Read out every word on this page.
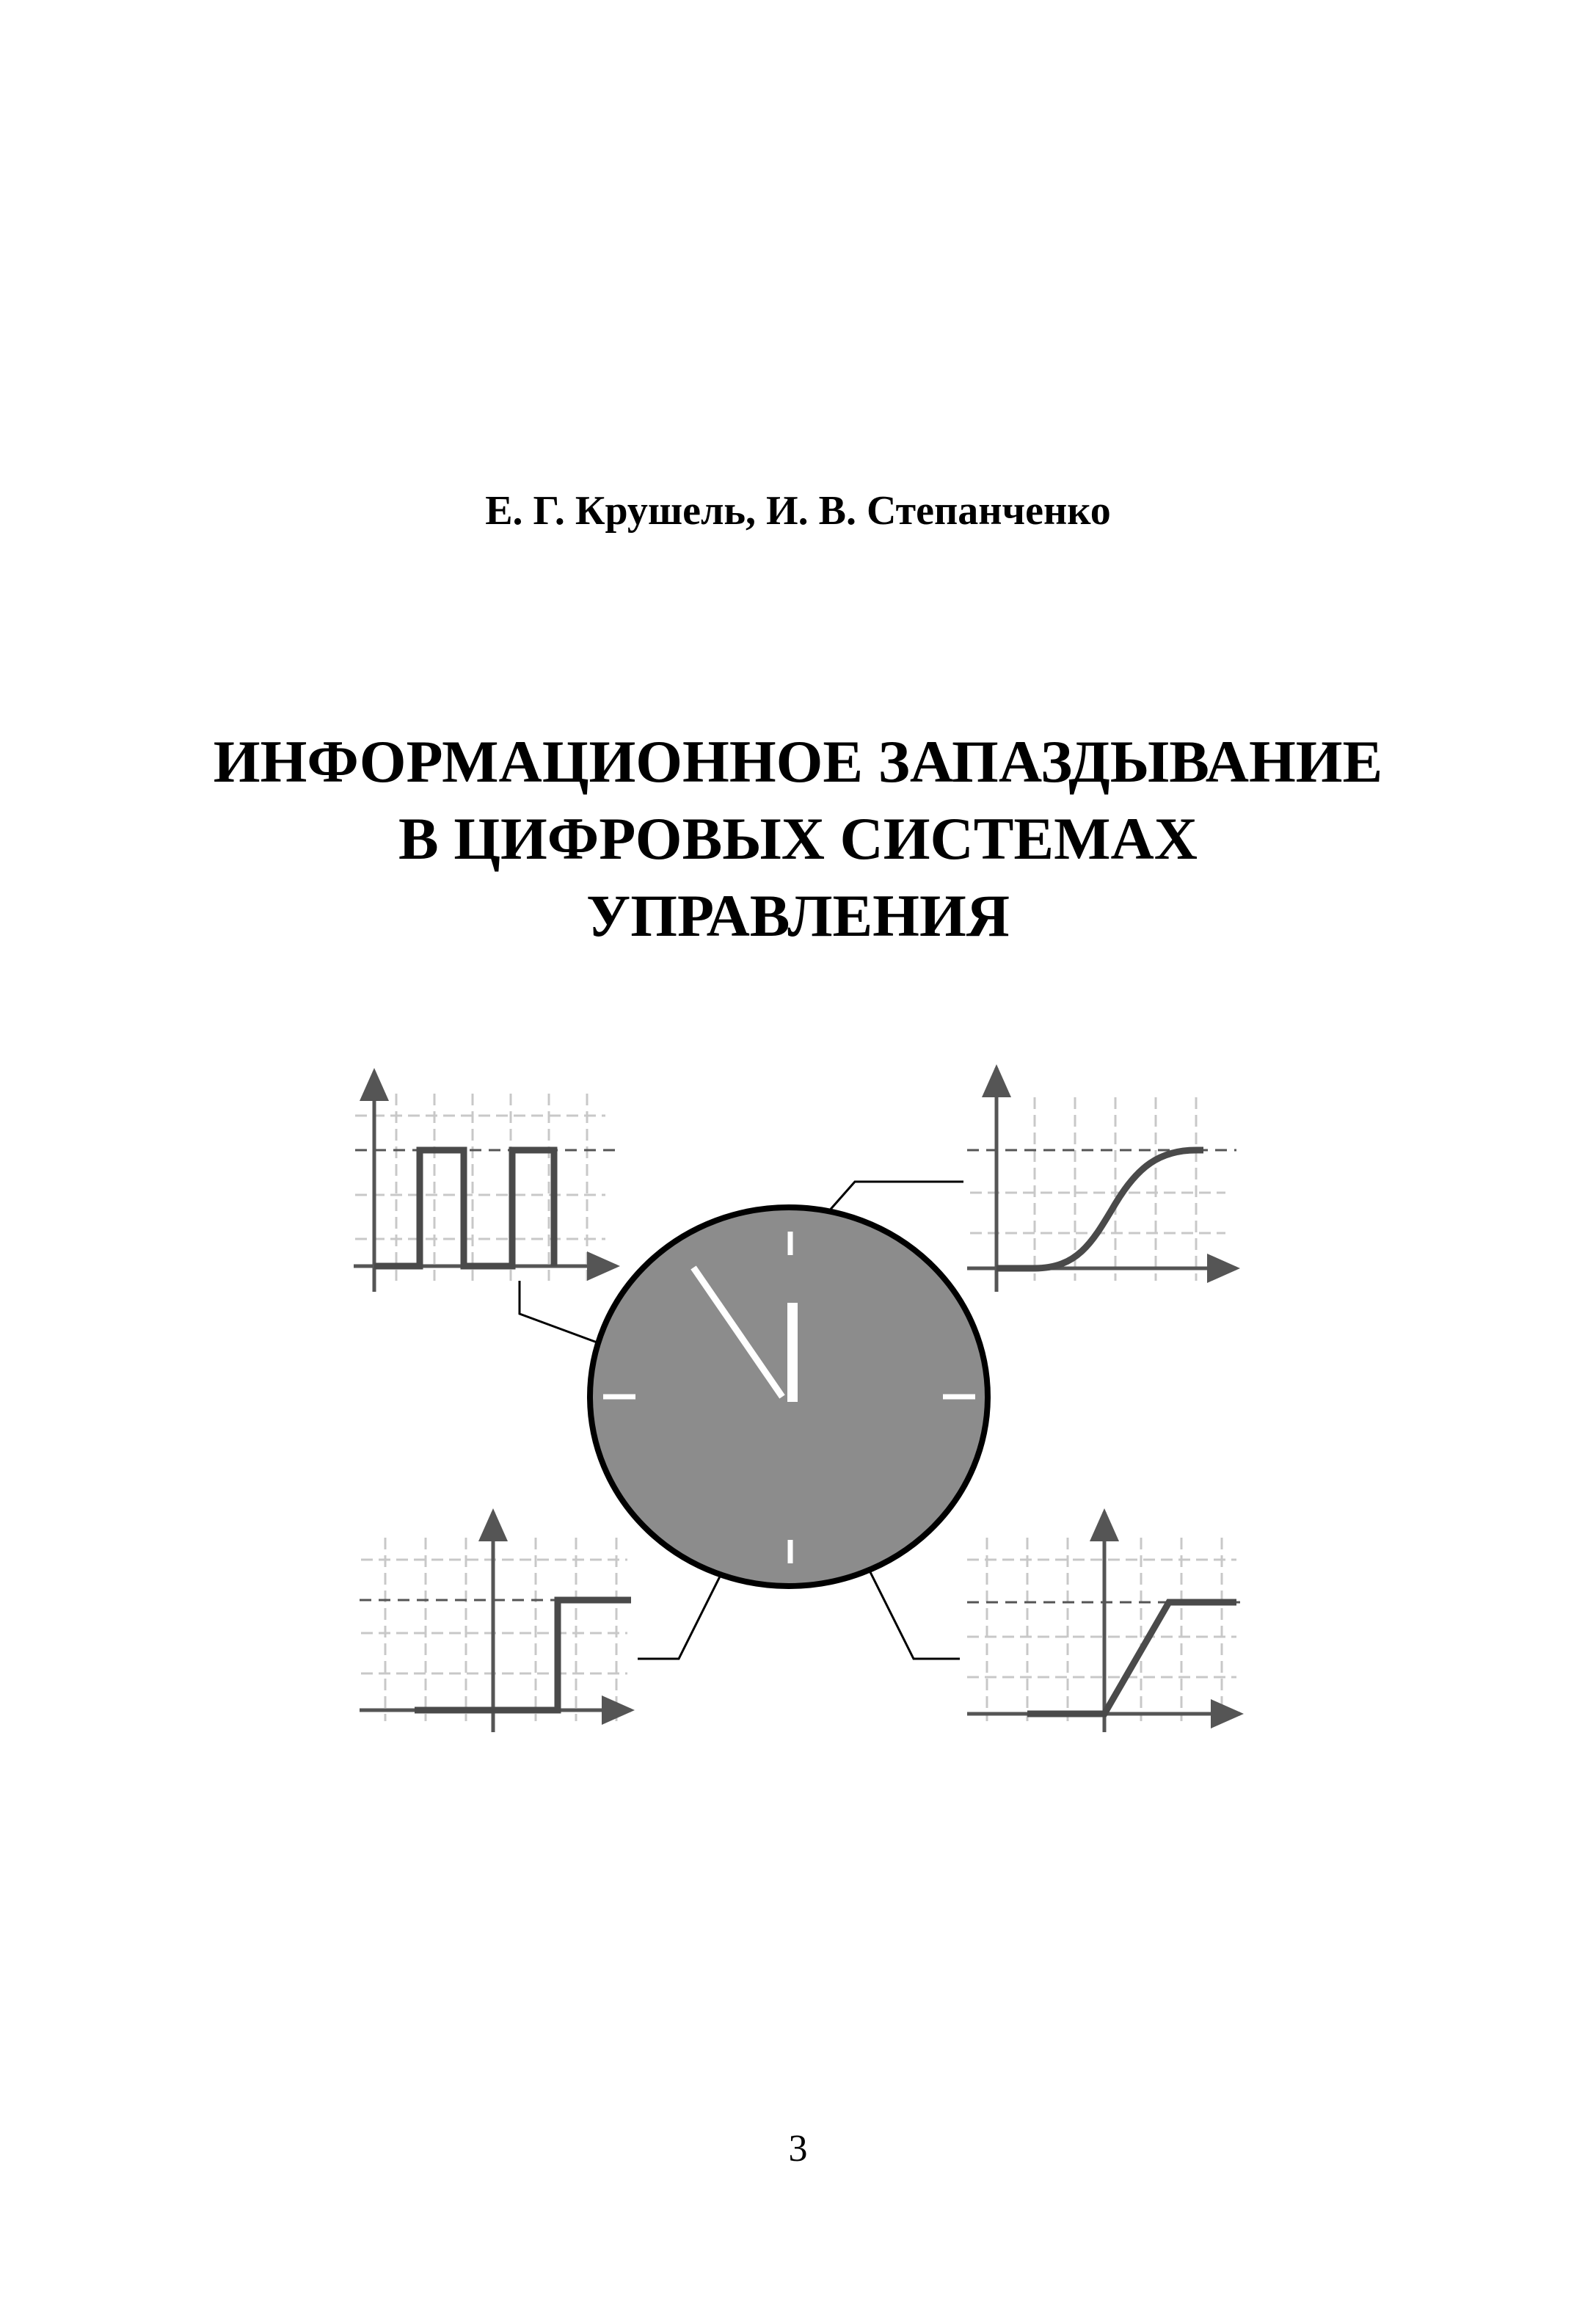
Е. Г. Крушель, И. В. Степанченко
ИНФОРМАЦИОННОЕ ЗАПАЗДЫВАНИЕ
В ЦИФРОВЫХ СИСТЕМАХ
УПРАВЛЕНИЯ
3
